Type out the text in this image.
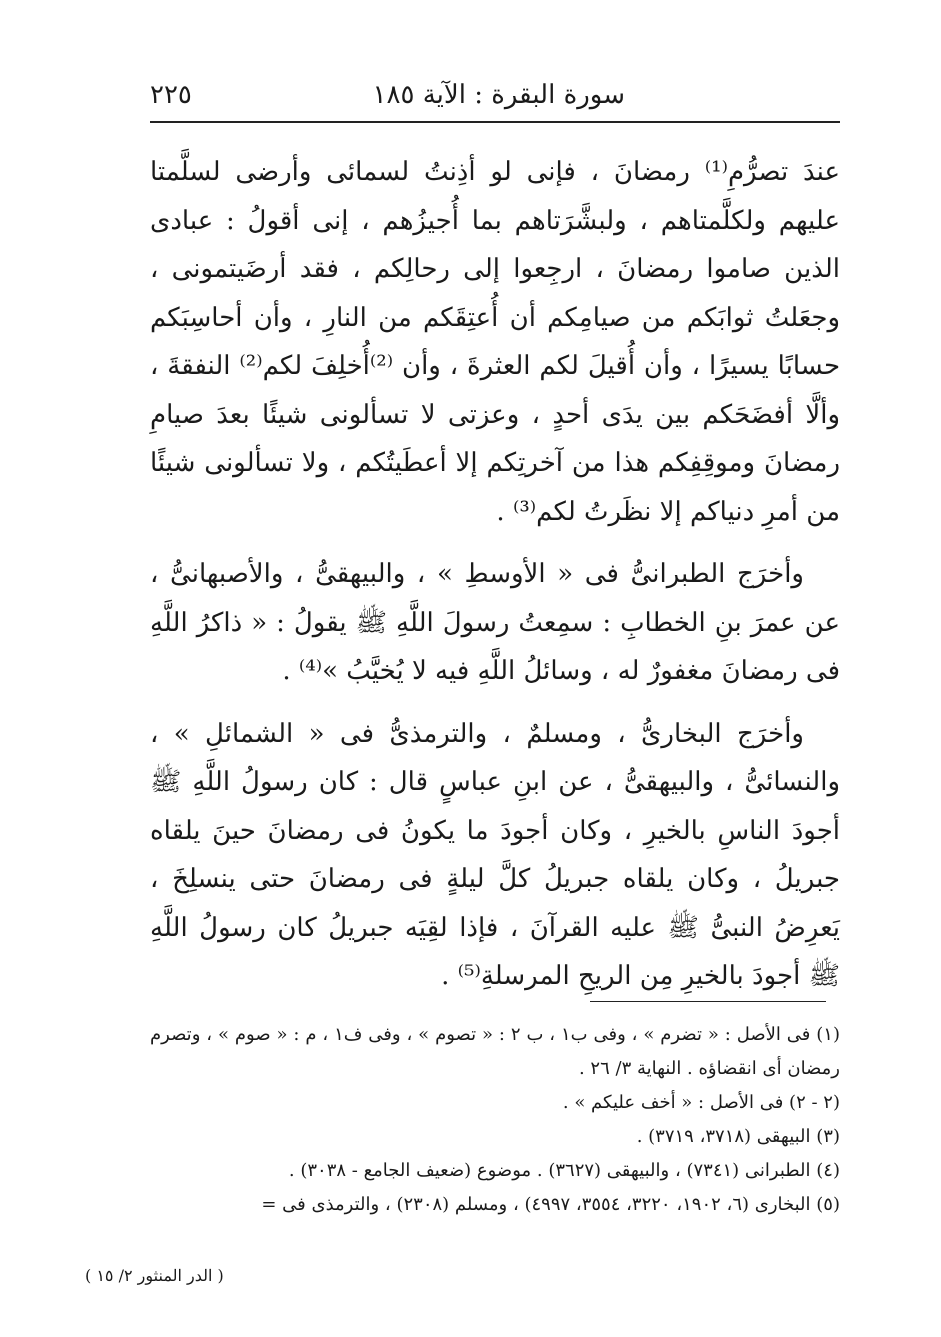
سورة البقرة : الآية ١٨٥
٢٢٥

عندَ تصرُّمِ⁽¹⁾ رمضانَ ، فإنى لو أذِنتُ لسمائى وأرضى لسلَّمتا عليهم ولكلَّمتاهم ، ولبشَّرَتاهم بما أُجيزُهم ، إنى أقولُ : عبادى الذين صاموا رمضانَ ، ارجِعوا إلى رحالِكم ، فقد أرضَيتمونى ، وجعَلتُ ثوابَكم من صيامِكم أن أُعتِقَكم من النارِ ، وأن أحاسِبَكم حسابًا يسيرًا ، وأن أُقيلَ لكم العثرةَ ، وأن ⁽²⁾أُخلِفَ لكم⁽²⁾ النفقةَ ، وألَّا أفضَحَكم بين يدَى أحدٍ ، وعزتى لا تسألونى شيئًا بعدَ صيامِ رمضانَ وموقِفِكم هذا من آخرتِكم إلا أعطَيتُكم ، ولا تسألونى شيئًا من أمرِ دنياكم إلا نظَرتُ لكم⁽³⁾ .

وأخرَج الطبرانىُّ فى « الأوسطِ » ، والبيهقىُّ ، والأصبهانىُّ ، عن عمرَ بنِ الخطابِ : سمِعتُ رسولَ اللَّهِ ﷺ يقولُ : « ذاكرُ اللَّهِ فى رمضانَ مغفورٌ له ، وسائلُ اللَّهِ فيه لا يُخيَّبُ »⁽⁴⁾ .

وأخرَج البخارىُّ ، ومسلمٌ ، والترمذىُّ فى « الشمائلِ » ، والنسائىُّ ، والبيهقىُّ ، عن ابنِ عباسٍ قال : كان رسولُ اللَّهِ ﷺ أجودَ الناسِ بالخيرِ ، وكان أجودَ ما يكونُ فى رمضانَ حينَ يلقاه جبريلُ ، وكان يلقاه جبريلُ كلَّ ليلةٍ فى رمضانَ حتى ينسلِخَ ، يَعرِضُ النبىُّ ﷺ عليه القرآنَ ، فإذا لقِيَه جبريلُ كان رسولُ اللَّهِ ﷺ أجودَ بالخيرِ مِن الريحِ المرسلةِ⁽⁵⁾ .

(١) فى الأصل : « تضرم » ، وفى ب١ ، ب ٢ : « تصوم » ، وفى ف١ ، م : « صوم » ، وتصرم رمضان أى انقضاؤه . النهاية ٣/ ٢٦ .
(٢ - ٢) فى الأصل : « أخف عليكم » .
(٣) البيهقى (٣٧١٨، ٣٧١٩) .
(٤) الطبرانى (٧٣٤١) ، والبيهقى (٣٦٢٧) . موضوع (ضعيف الجامع - ٣٠٣٨) .
(٥) البخارى (٦، ١٩٠٢، ٣٢٢٠، ٣٥٥٤، ٤٩٩٧) ، ومسلم (٢٣٠٨) ، والترمذى فى =
( الدر المنثور ٢/ ١٥ )
